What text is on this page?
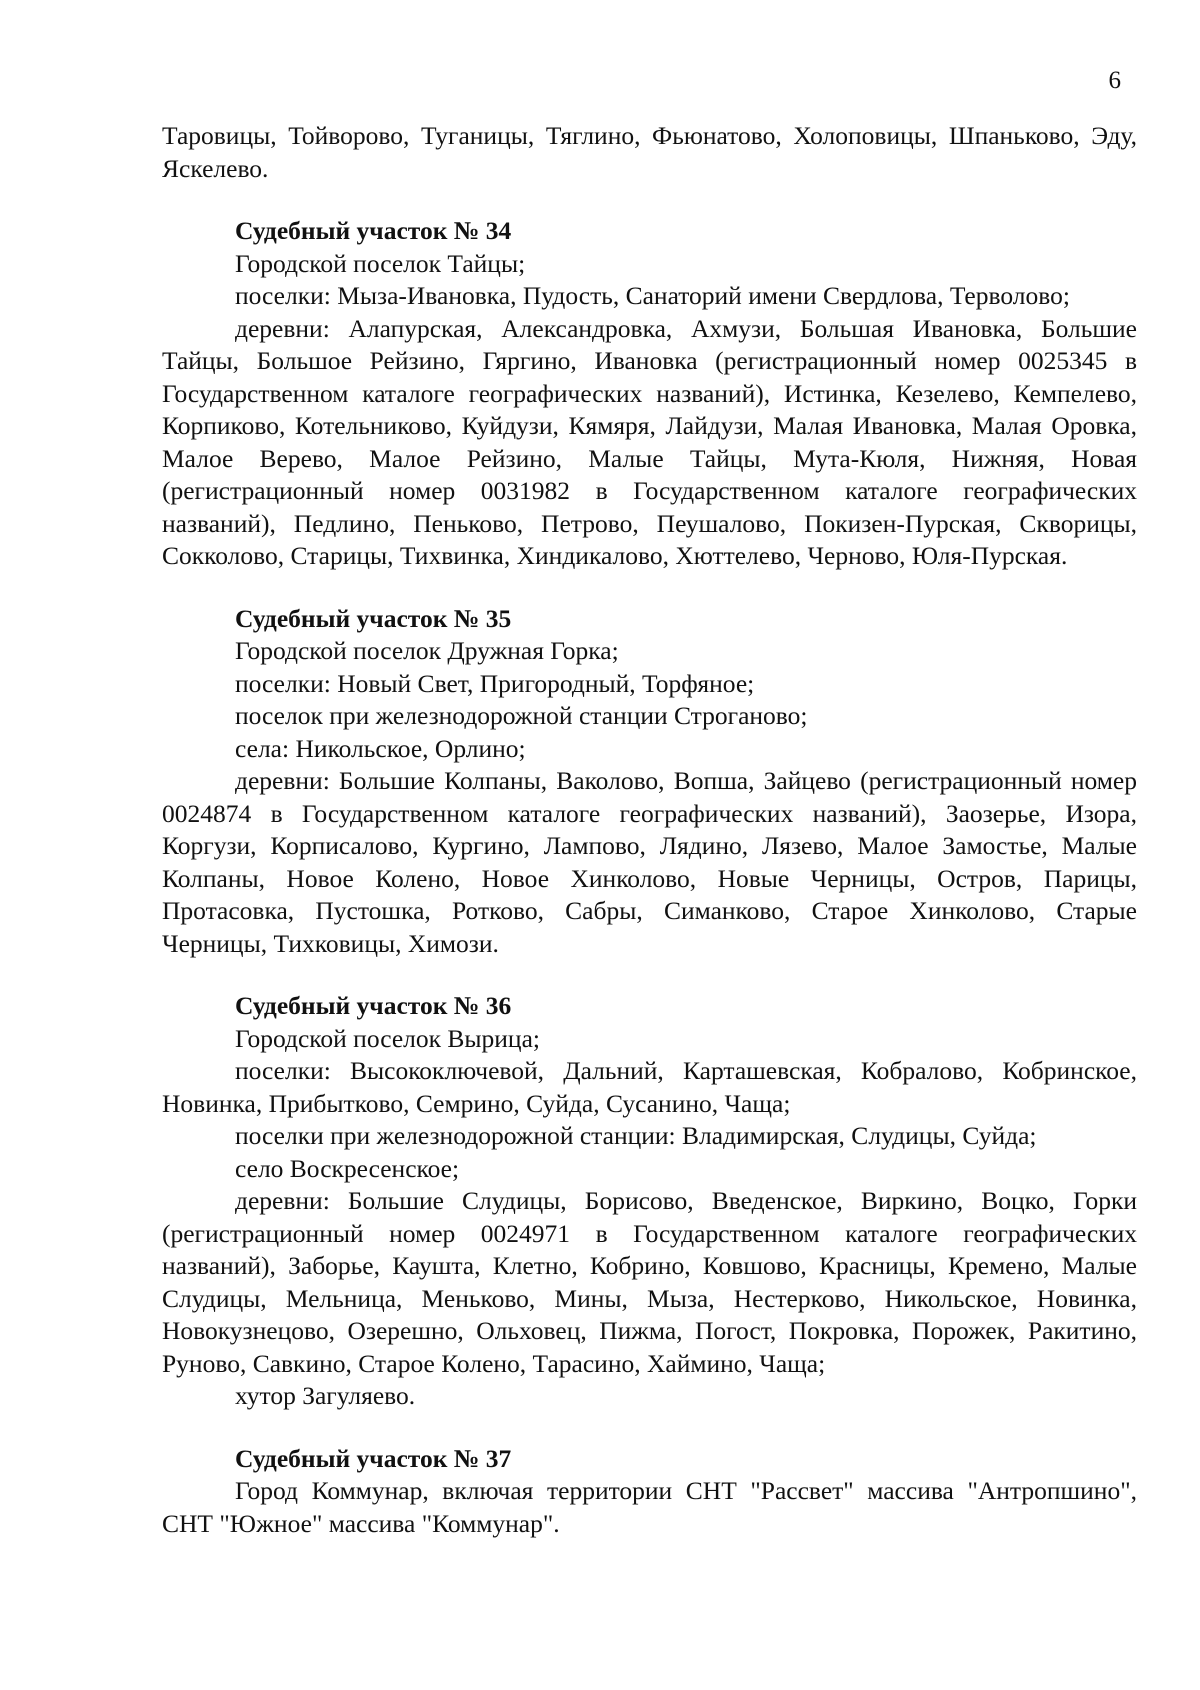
6

Таровицы, Тойворово, Туганицы, Тяглино, Фьюнатово, Холоповицы, Шпаньково, Эду, Яскелево.

Судебный участок № 34

Городской поселок Тайцы;

поселки: Мыза-Ивановка, Пудость, Санаторий имени Свердлова, Терволово;

деревни: Алапурская, Александровка, Ахмузи, Большая Ивановка, Большие Тайцы, Большое Рейзино, Гяргино, Ивановка (регистрационный номер 0025345 в Государственном каталоге географических названий), Истинка, Кезелево, Кемпелево, Корпиково, Котельниково, Куйдузи, Кямяря, Лайдузи, Малая Ивановка, Малая Оровка, Малое Верево, Малое Рейзино, Малые Тайцы, Мута-Кюля, Нижняя, Новая (регистрационный номер 0031982 в Государственном каталоге географических названий), Педлино, Пеньково, Петрово, Пеушалово, Покизен-Пурская, Скворицы, Сокколово, Старицы, Тихвинка, Хиндикалово, Хюттелево, Черново, Юля-Пурская.

Судебный участок № 35

Городской поселок Дружная Горка;

поселки: Новый Свет, Пригородный, Торфяное;

поселок при железнодорожной станции Строганово;

села: Никольское, Орлино;

деревни: Большие Колпаны, Ваколово, Вопша, Зайцево (регистрационный номер 0024874 в Государственном каталоге географических названий), Заозерье, Изора, Коргузи, Корписалово, Кургино, Лампово, Лядино, Лязево, Малое Замостье, Малые Колпаны, Новое Колено, Новое Хинколово, Новые Черницы, Остров, Парицы, Протасовка, Пустошка, Ротково, Сабры, Симанково, Старое Хинколово, Старые Черницы, Тихковицы, Химози.

Судебный участок № 36

Городской поселок Вырица;

поселки: Высокоключевой, Дальний, Карташевская, Кобралово, Кобринское, Новинка, Прибытково, Семрино, Суйда, Сусанино, Чаща;

поселки при железнодорожной станции: Владимирская, Слудицы, Суйда;

село Воскресенское;

деревни: Большие Слудицы, Борисово, Введенское, Виркино, Воцко, Горки (регистрационный номер 0024971 в Государственном каталоге географических названий), Заборье, Каушта, Клетно, Кобрино, Ковшово, Красницы, Кремено, Малые Слудицы, Мельница, Меньково, Мины, Мыза, Нестерково, Никольское, Новинка, Новокузнецово, Озерешно, Ольховец, Пижма, Погост, Покровка, Порожек, Ракитино, Руново, Савкино, Старое Колено, Тарасино, Хаймино, Чаща;

хутор Загуляево.

Судебный участок № 37

Город Коммунар, включая территории СНТ "Рассвет" массива "Антропшино", СНТ "Южное" массива "Коммунар".
